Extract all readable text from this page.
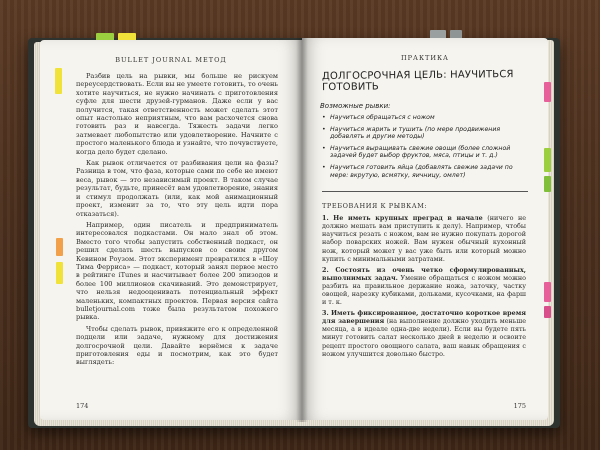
BULLET JOURNAL МЕТОД

Разбив цель на рывки, мы больше не рискуем переусердствовать. Если вы не умеете готовить, то очень хотите научиться, не нужно начинать с приготовления суфле для шести друзей-гурманов. Даже если у вас получится, такая ответственность может сделать этот опыт настолько неприятным, что вам расхочется снова готовить раз и навсегда. Тяжесть задачи легко затмевает любопытство или удовлетворение. Начните с простого маленького блюда и узнайте, что почувствуете, когда дело будет сделано.

Как рывок отличается от разбивания цели на фазы? Разница в том, что фаза, которые сами по себе не имеют веса, рывок — это независимый проект. В таком случае результат, будьте, принесёт вам удовлетворение, знания и стимул продолжать (или, как мой анимационный проект, изменит за то, что эту цель идти пора отказаться).

Например, один писатель и предприниматель интересовался подкастами. Он мало знал об этом. Вместо того чтобы запустить собственный подкаст, он решил сделать шесть выпусков со своим другом Кевином Роузом. Этот эксперимент превратился в «Шоу Тима Ферриса» — подкаст, который занял первое место в рейтинге iTunes и насчитывает более 200 эпизодов и более 100 миллионов скачиваний. Это демонстрирует, что нельзя недооценивать потенциальный эффект маленьких, компактных проектов. Первая версия сайта bulletjournal.com тоже была результатом похожего рывка.

Чтобы сделать рывок, привяжите его к определенной подцели или задаче, нужному для достижения долгосрочной цели. Давайте вернёмся к задаче приготовления еды и посмотрим, как это будет выглядеть:

174
ПРАКТИКА
ДОЛГОСРОЧНАЯ ЦЕЛЬ: НАУЧИТЬСЯ ГОТОВИТЬ
Возможные рывки:
• Научиться обращаться с ножом
• Научиться жарить и тушить (по мере продвижения добавлять и другие методы)
• Научиться выращивать свежие овощи (более сложной задачей будет выбор фруктов, мяса, птицы и т. д.)
• Научиться готовить яйца (добавлять свежие задачи по мере: вкрутую, всмятку, яичницу, омлет)
ТРЕБОВАНИЯ К РЫВКАМ:
1. Не иметь крупных преград в начале (ничего не должно мешать вам приступить к делу). Например, чтобы научиться резать с ножом, вам не нужно покупать дорогой набор поварских ножей. Вам нужен обычный кухонный нож, который может у вас уже быть или который можно купить с минимальными затратами.
2. Состоять из очень четко сформулированных, выполнимых задач. Умение обращаться с ножом можно разбить на правильное держание ножа, заточку, частку овощей, нарезку кубиками, дольками, кусочками, на фарш и т. к.
3. Иметь фиксированное, достаточно короткое время для завершения (на выполнение должно уходить меньше месяца, а в идеале одна-две недели). Если вы будете пять минут готовить салат несколько дней в неделю и освоите рецепт простого овощного салата, ваш навык обращения с ножом улучшится довольно быстро.
175
